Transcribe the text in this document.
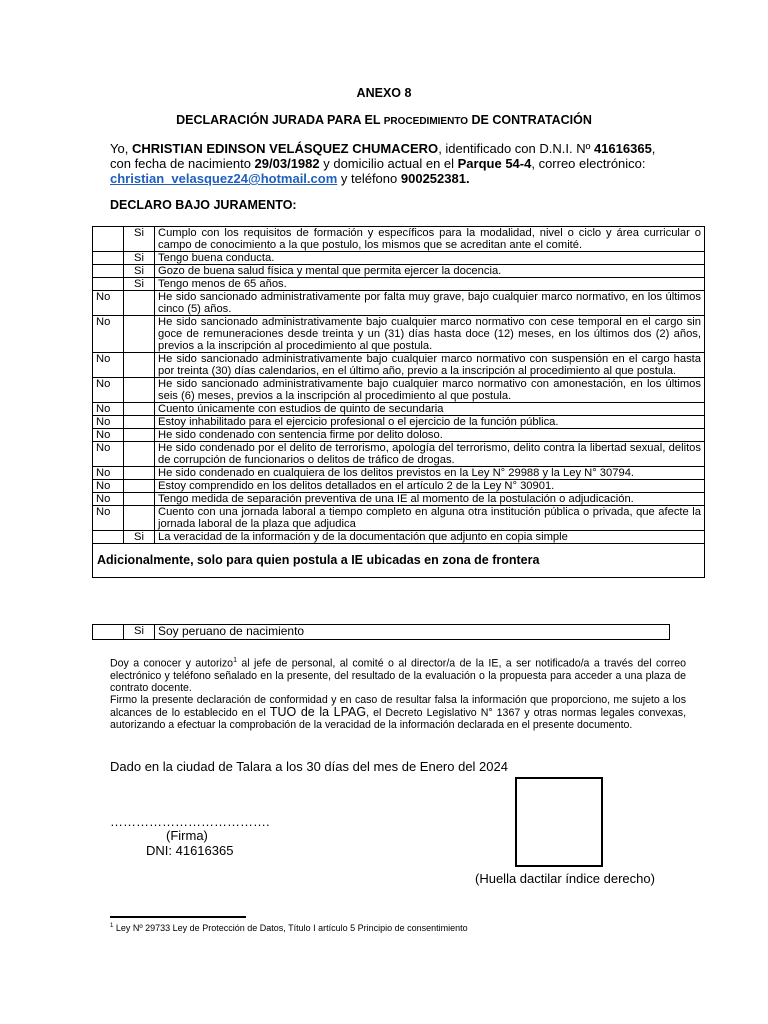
ANEXO 8
DECLARACIÓN JURADA PARA EL PROCEDIMIENTO DE CONTRATACIÓN
Yo, CHRISTIAN EDINSON VELÁSQUEZ CHUMACERO, identificado con D.N.I. Nº 41616365,
con fecha de nacimiento 29/03/1982 y domicilio actual en el Parque 54-4, correo electrónico:
christian_velasquez24@hotmail.com y teléfono 900252381.
DECLARO BAJO JURAMENTO:
	Si	Cumplo con los requisitos de formación y específicos para la modalidad, nivel o ciclo y área curricular o campo de conocimiento a la que postulo, los mismos que se acreditan ante el comité.
	Si	Tengo buena conducta.
	Si	Gozo de buena salud física y mental que permita ejercer la docencia.
	Si	Tengo menos de 65 años.
No		He sido sancionado administrativamente por falta muy grave, bajo cualquier marco normativo, en los últimos cinco (5) años.
No		He sido sancionado administrativamente bajo cualquier marco normativo con cese temporal en el cargo sin goce de remuneraciones desde treinta y un (31) días hasta doce (12) meses, en los últimos dos (2) años, previos a la inscripción al procedimiento al que postula.
No		He sido sancionado administrativamente bajo cualquier marco normativo con suspensión en el cargo hasta por treinta (30) días calendarios, en el último año, previo a la inscripción al procedimiento al que postula.
No		He sido sancionado administrativamente bajo cualquier marco normativo con amonestación, en los últimos seis (6) meses, previos a la inscripción al procedimiento al que postula.
No		Cuento únicamente con estudios de quinto de secundaria
No		Estoy inhabilitado para el ejercicio profesional o el ejercicio de la función pública.
No		He sido condenado con sentencia firme por delito doloso.
No		He sido condenado por el delito de terrorismo, apología del terrorismo, delito contra la libertad sexual, delitos de corrupción de funcionarios o delitos de tráfico de drogas.
No		He sido condenado en cualquiera de los delitos previstos en la Ley N° 29988 y la Ley N° 30794.
No		Estoy comprendido en los delitos detallados en el artículo 2 de la Ley N° 30901.
No		Tengo medida de separación preventiva de una IE al momento de la postulación o adjudicación.
No		Cuento con una jornada laboral a tiempo completo en alguna otra institución pública o privada, que afecte la jornada laboral de la plaza que adjudica
	Si	La veracidad de la información y de la documentación que adjunto en copia simple
Adicionalmente, solo para quien postula a IE ubicadas en zona de frontera		
	Si	Soy peruano de nacimiento
Doy a conocer y autorizo$^1$ al jefe de personal, al comité o al director/a de la IE, a ser notificado/a a través del correo electrónico y teléfono señalado en la presente, del resultado de la evaluación o la propuesta para acceder a una plaza de contrato docente.
Firmo la presente declaración de conformidad y en caso de resultar falsa la información que proporciono, me sujeto a los alcances de lo establecido en el TUO de la LPAG, el Decreto Legislativo N° 1367 y otras normas legales convexas, autorizando a efectuar la comprobación de la veracidad de la información declarada en el presente documento.
Dado en la ciudad de Talara a los 30 días del mes de Enero del 2024
……………………………….
(Firma)
DNI: 41616365
(Huella dactilar índice derecho)
$^1$ Ley Nº 29733 Ley de Protección de Datos, Título I artículo 5 Principio de consentimiento
